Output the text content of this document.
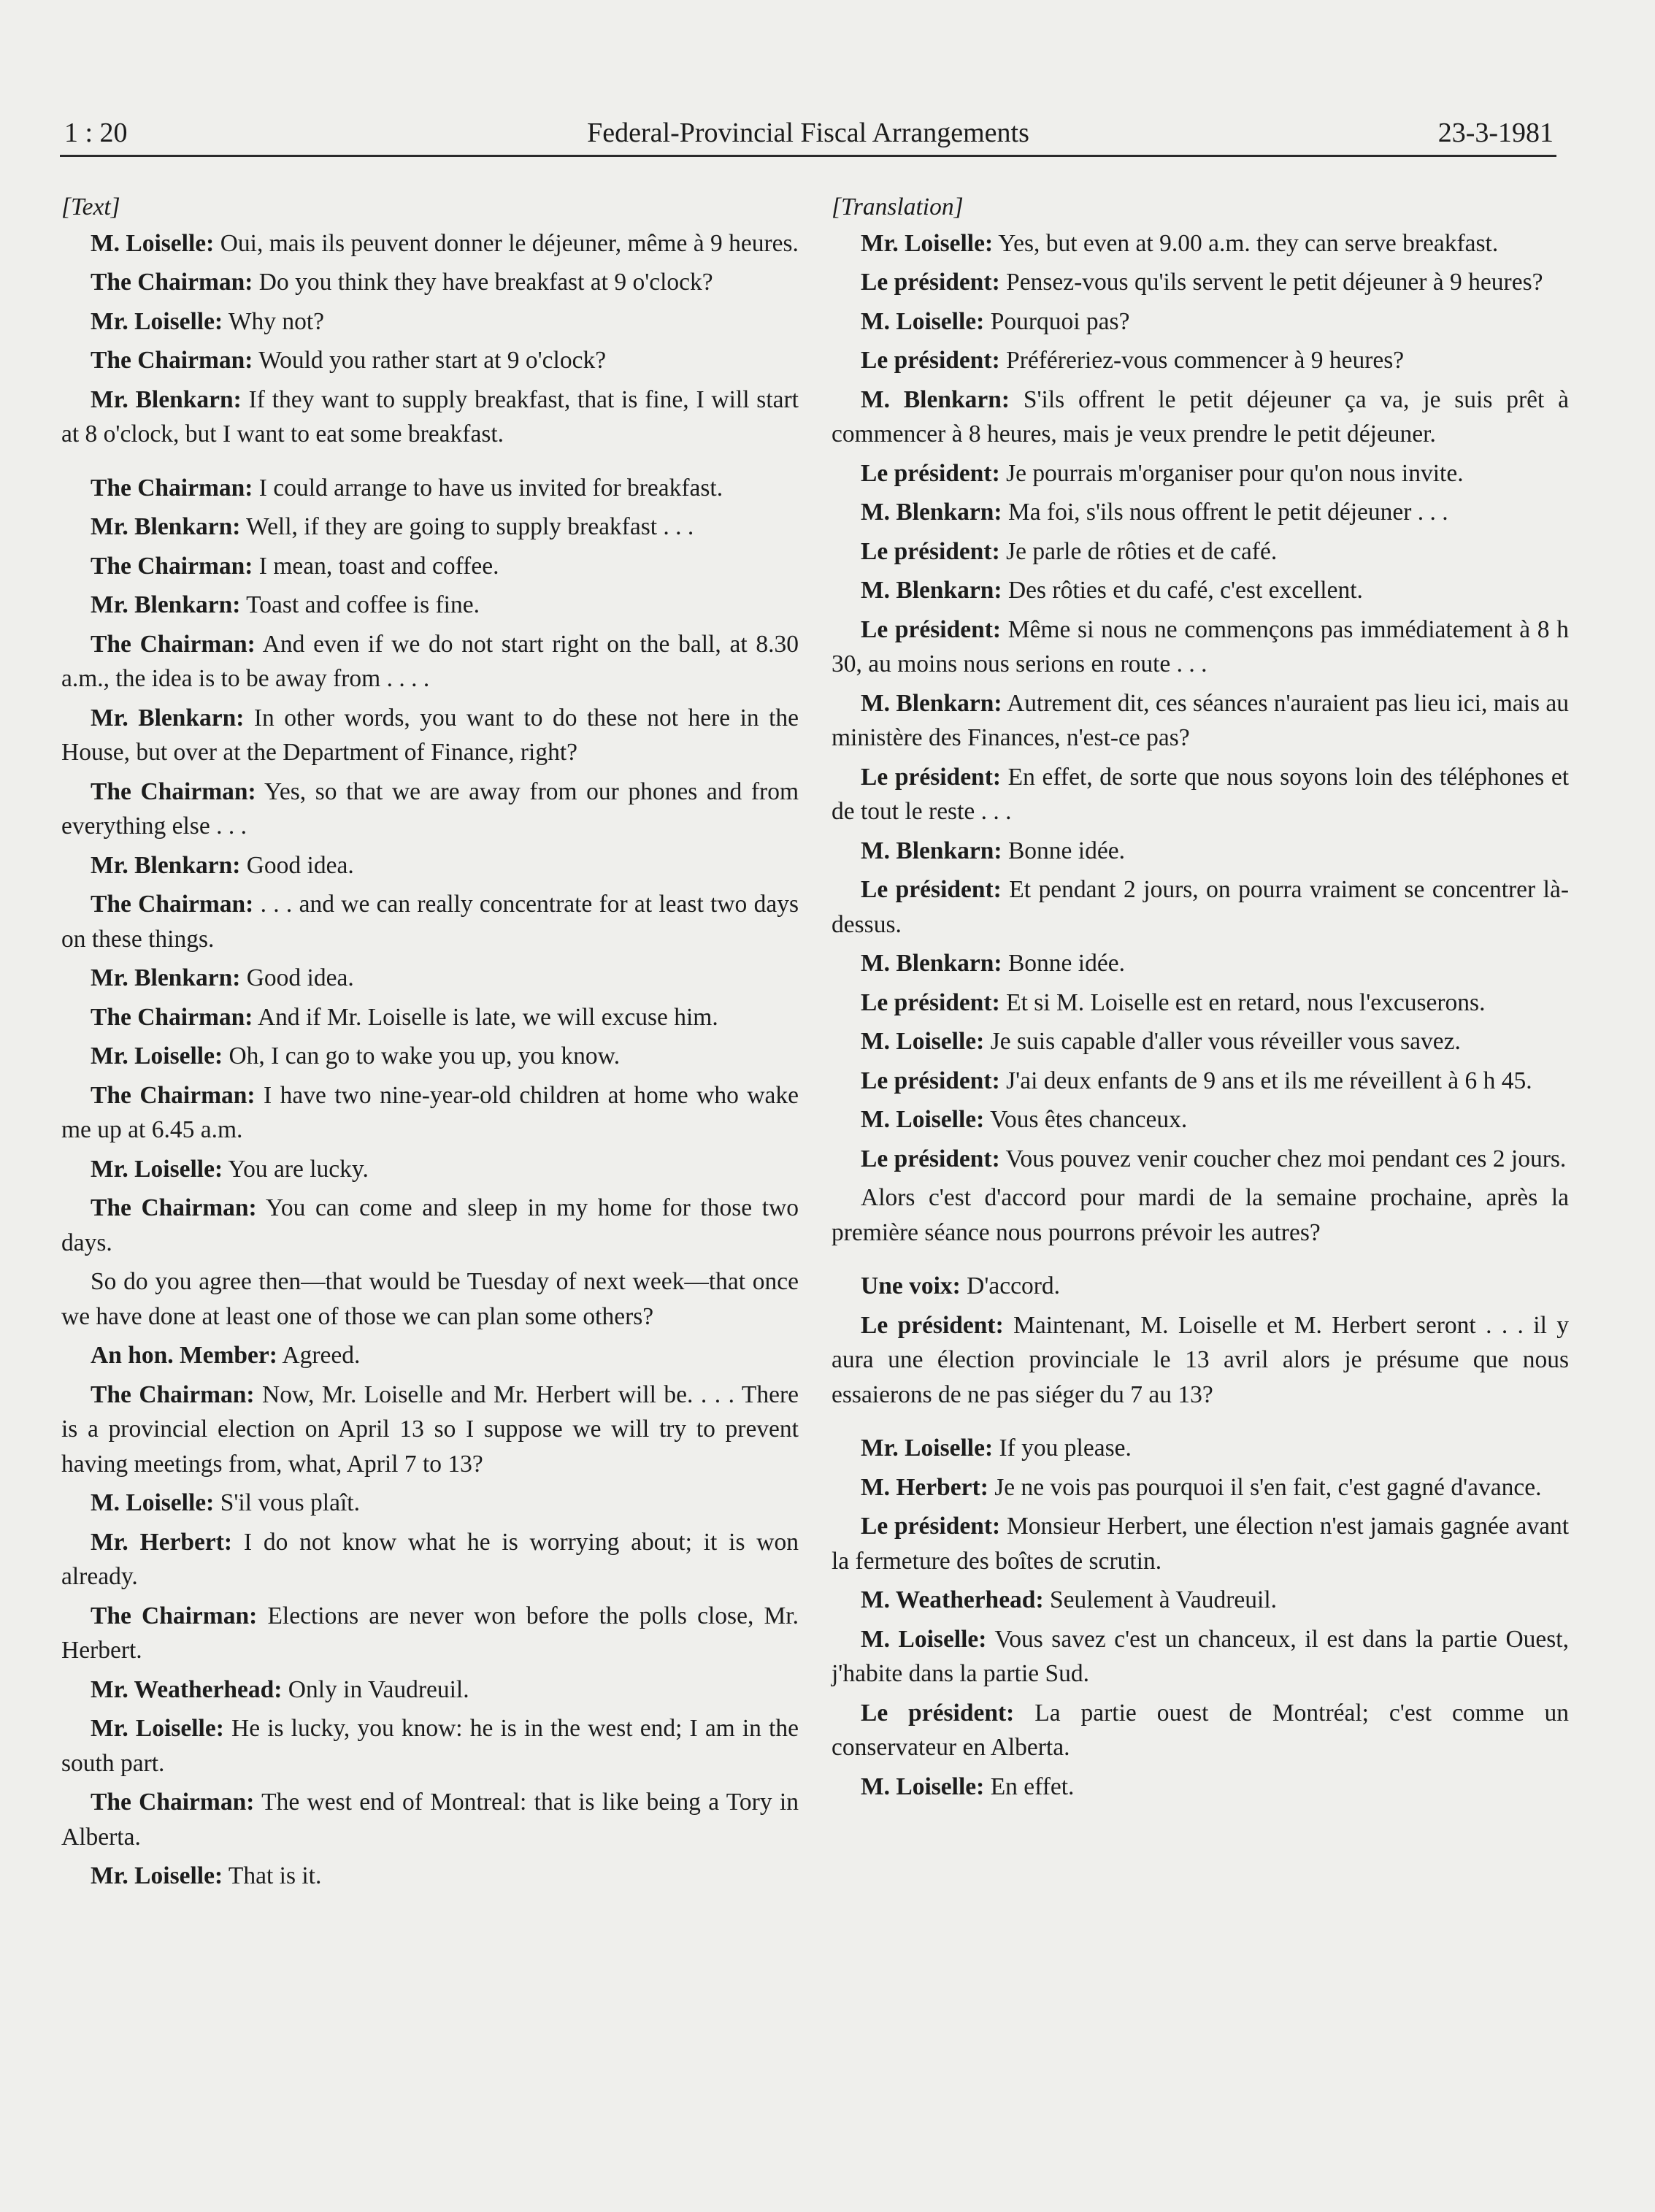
1 : 20	Federal-Provincial Fiscal Arrangements	23-3-1981
[Text]

M. Loiselle: Oui, mais ils peuvent donner le déjeuner, même à 9 heures.

The Chairman: Do you think they have breakfast at 9 o'clock?

Mr. Loiselle: Why not?

The Chairman: Would you rather start at 9 o'clock?

Mr. Blenkarn: If they want to supply breakfast, that is fine, I will start at 8 o'clock, but I want to eat some breakfast.

The Chairman: I could arrange to have us invited for breakfast.

Mr. Blenkarn: Well, if they are going to supply breakfast . . .

The Chairman: I mean, toast and coffee.

Mr. Blenkarn: Toast and coffee is fine.

The Chairman: And even if we do not start right on the ball, at 8.30 a.m., the idea is to be away from . . . .

Mr. Blenkarn: In other words, you want to do these not here in the House, but over at the Department of Finance, right?

The Chairman: Yes, so that we are away from our phones and from everything else . . .

Mr. Blenkarn: Good idea.

The Chairman: . . . and we can really concentrate for at least two days on these things.

Mr. Blenkarn: Good idea.

The Chairman: And if Mr. Loiselle is late, we will excuse him.

Mr. Loiselle: Oh, I can go to wake you up, you know.

The Chairman: I have two nine-year-old children at home who wake me up at 6.45 a.m.

Mr. Loiselle: You are lucky.

The Chairman: You can come and sleep in my home for those two days.

So do you agree then—that would be Tuesday of next week—that once we have done at least one of those we can plan some others?

An hon. Member: Agreed.

The Chairman: Now, Mr. Loiselle and Mr. Herbert will be. . . . There is a provincial election on April 13 so I suppose we will try to prevent having meetings from, what, April 7 to 13?

M. Loiselle: S'il vous plaît.

Mr. Herbert: I do not know what he is worrying about; it is won already.

The Chairman: Elections are never won before the polls close, Mr. Herbert.

Mr. Weatherhead: Only in Vaudreuil.

Mr. Loiselle: He is lucky, you know: he is in the west end; I am in the south part.

The Chairman: The west end of Montreal: that is like being a Tory in Alberta.

Mr. Loiselle: That is it.

[Translation]

Mr. Loiselle: Yes, but even at 9.00 a.m. they can serve breakfast.

Le président: Pensez-vous qu'ils servent le petit déjeuner à 9 heures?

M. Loiselle: Pourquoi pas?

Le président: Préféreriez-vous commencer à 9 heures?

M. Blenkarn: S'ils offrent le petit déjeuner ça va, je suis prêt à commencer à 8 heures, mais je veux prendre le petit déjeuner.

Le président: Je pourrais m'organiser pour qu'on nous invite.

M. Blenkarn: Ma foi, s'ils nous offrent le petit déjeuner . . .

Le président: Je parle de rôties et de café.

M. Blenkarn: Des rôties et du café, c'est excellent.

Le président: Même si nous ne commençons pas immédiatement à 8 h 30, au moins nous serions en route . . .

M. Blenkarn: Autrement dit, ces séances n'auraient pas lieu ici, mais au ministère des Finances, n'est-ce pas?

Le président: En effet, de sorte que nous soyons loin des téléphones et de tout le reste . . .

M. Blenkarn: Bonne idée.

Le président: Et pendant 2 jours, on pourra vraiment se concentrer là-dessus.

M. Blenkarn: Bonne idée.

Le président: Et si M. Loiselle est en retard, nous l'excuserons.

M. Loiselle: Je suis capable d'aller vous réveiller vous savez.

Le président: J'ai deux enfants de 9 ans et ils me réveillent à 6 h 45.

M. Loiselle: Vous êtes chanceux.

Le président: Vous pouvez venir coucher chez moi pendant ces 2 jours.

Alors c'est d'accord pour mardi de la semaine prochaine, après la première séance nous pourrons prévoir les autres?

Une voix: D'accord.

Le président: Maintenant, M. Loiselle et M. Herbert seront . . . il y aura une élection provinciale le 13 avril alors je présume que nous essaierons de ne pas siéger du 7 au 13?

Mr. Loiselle: If you please.

M. Herbert: Je ne vois pas pourquoi il s'en fait, c'est gagné d'avance.

Le président: Monsieur Herbert, une élection n'est jamais gagnée avant la fermeture des boîtes de scrutin.

M. Weatherhead: Seulement à Vaudreuil.

M. Loiselle: Vous savez c'est un chanceux, il est dans la partie Ouest, j'habite dans la partie Sud.

Le président: La partie ouest de Montréal; c'est comme un conservateur en Alberta.

M. Loiselle: En effet.
